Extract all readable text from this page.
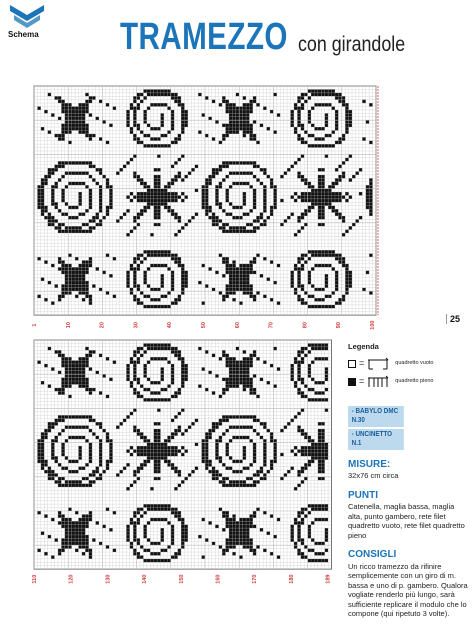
Schema TRAMEZZO con girandole
1	10	20	30	40	50	60	70	80	90	100
25
110	120	130	140	150	160	170	180	189
Legenda
=	quadretto vuoto
=	quadretto pieno
- BABYLO DMC N.30
- UNCINETTO N.1
MISURE:
32x76 cm circa
PUNTI
Catenella, maglia bassa, maglia alta, punto gambero, rete filet quadretto vuoto, rete filet quadretto pieno
CONSIGLI
Un ricco tramezzo da rifinire semplicemente con un giro di m. bassa e uno di p. gambero. Qualora vogliate renderlo più lungo, sarà sufficiente replicare il modulo che lo compone (qui ripetuto 3 volte).
